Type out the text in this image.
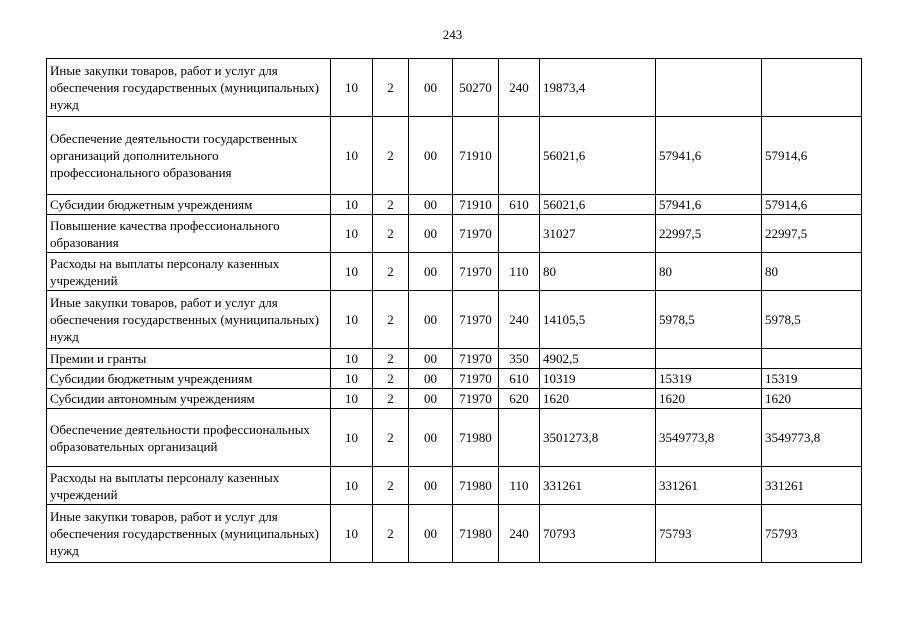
243
Иные закупки товаров, работ и услуг для обеспечения государственных (муниципальных) нужд	10	2	00	50270	240	19873,4		
Обеспечение деятельности государственных организаций дополнительного профессионального образования	10	2	00	71910		56021,6	57941,6	57914,6
Субсидии бюджетным учреждениям	10	2	00	71910	610	56021,6	57941,6	57914,6
Повышение качества профессионального образования	10	2	00	71970		31027	22997,5	22997,5
Расходы на выплаты персоналу казенных учреждений	10	2	00	71970	110	80	80	80
Иные закупки товаров, работ и услуг для обеспечения государственных (муниципальных) нужд	10	2	00	71970	240	14105,5	5978,5	5978,5
Премии и гранты	10	2	00	71970	350	4902,5		
Субсидии бюджетным учреждениям	10	2	00	71970	610	10319	15319	15319
Субсидии автономным учреждениям	10	2	00	71970	620	1620	1620	1620
Обеспечение деятельности профессиональных образовательных организаций	10	2	00	71980		3501273,8	3549773,8	3549773,8
Расходы на выплаты персоналу казенных учреждений	10	2	00	71980	110	331261	331261	331261
Иные закупки товаров, работ и услуг для обеспечения государственных (муниципальных) нужд	10	2	00	71980	240	70793	75793	75793
